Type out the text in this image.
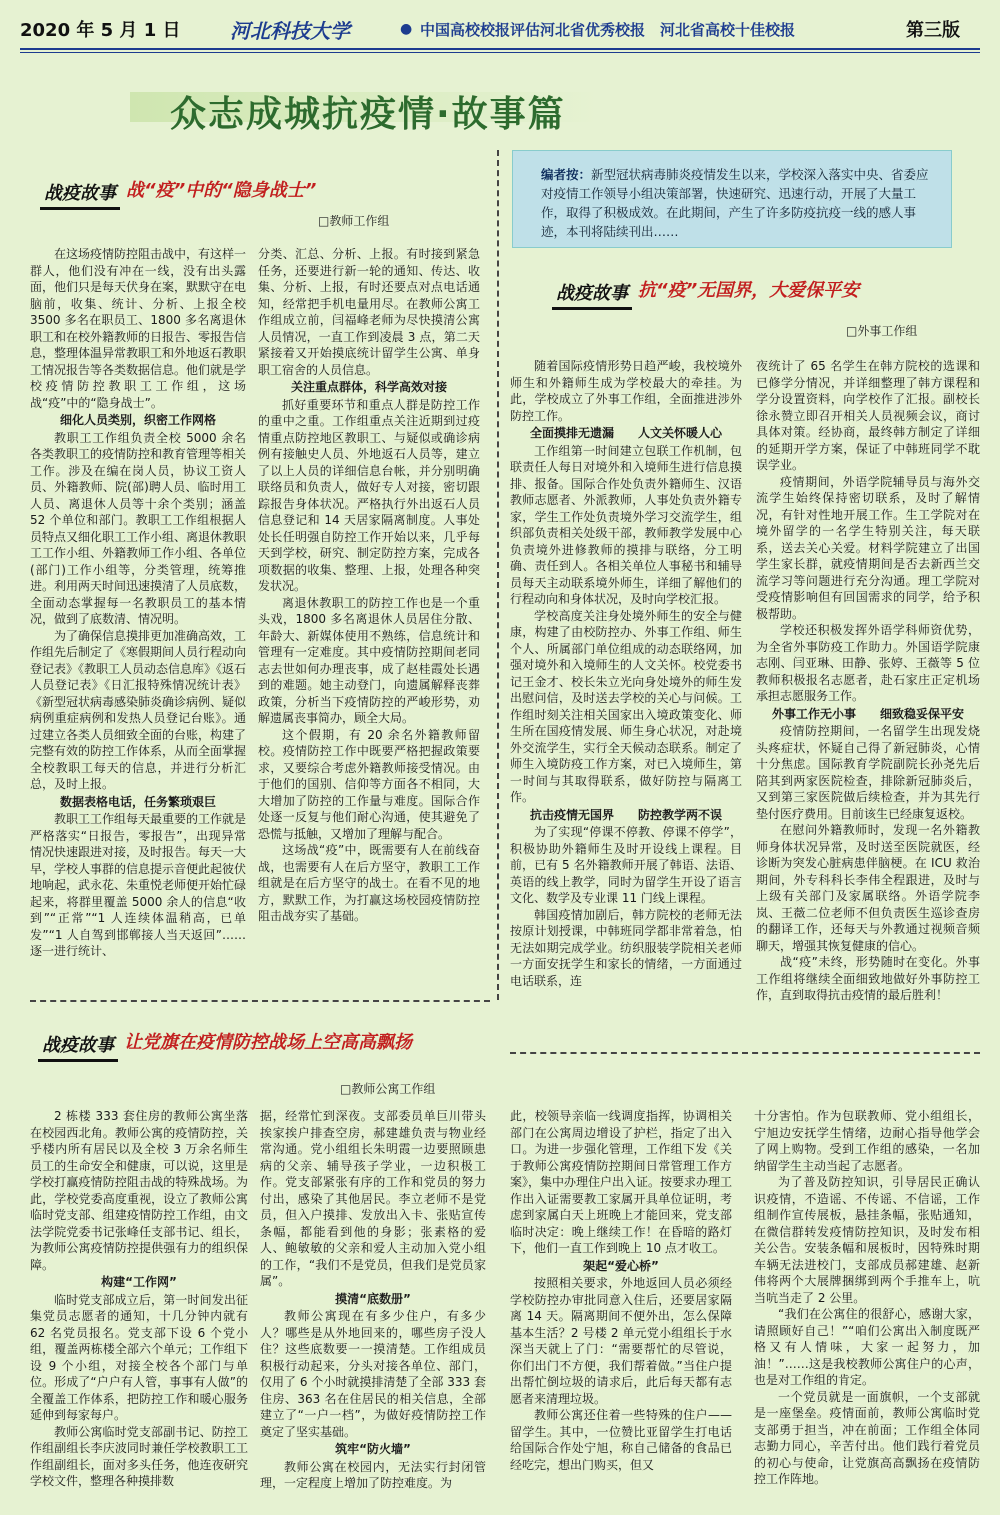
2020 年 5 月 1 日	河北科技大学	● 中国高校校报评估河北省优秀校报　河北省高校十佳校报	第三版
众志成城抗疫情·故事篇
战疫故事 战“疫”中的“隐身战士”
□ 教师工作组

在这场疫情防控阻击战中，有这样一群人，他们没有冲在一线，没有出头露面，他们只是每天伏身在案，默默守在电脑前，收集、统计、分析、上报全校 3500 多名在职员工、1800 多名离退休职工和在校外籍教师的日报告、零报告信息，整理体温异常教职工和外地返石教职工情况报告等各类数据信息。他们就是学校疫情防控教职工工作组，这场战“疫”中的“隐身战士”。

细化人员类别，织密工作网格

教职工工作组负责全校 5000 余名各类教职工的疫情防控和教育管理等相关工作。涉及在编在岗人员，协议工资人员、外籍教师、院(部)聘人员、临时用工人员、离退休人员等十余个类别；涵盖 52 个单位和部门。教职工工作组根据人员特点又细化职工工作小组、离退休教职工工作小组、外籍教师工作小组、各单位(部门)工作小组等，分类管理，统筹推进。利用两天时间迅速摸清了人员底数，全面动态掌握每一名教职员工的基本情况，做到了底数清、情况明。

为了确保信息摸排更加准确高效，工作组先后制定了《寒假期间人员行程动向登记表》《教职工人员动态信息库》《返石人员登记表》《日汇报特殊情况统计表》《新型冠状病毒感染肺炎确诊病例、疑似病例重症病例和发热人员登记台账》。通过建立各类人员细致全面的台账，构建了完整有效的防控工作体系，从而全面掌握全校教职工每天的信息，并进行分析汇总，及时上报。

数据表格电话，任务繁琐艰巨

教职工工作组每天最重要的工作就是严格落实“日报告，零报告”，出现异常情况快速跟进对接，及时报告。每天一大早，学校人事群的信息提示音便此起彼伏地响起，武永花、朱重悦老师便开始忙碌起来，将群里覆盖 5000 余人的信息“收到”“正常”“1 人连续体温稍高，已单发”“1 人自驾到邯郸接人当天返回”……逐一进行统计、

分类、汇总、分析、上报。有时接到紧急任务，还要进行新一轮的通知、传达、收集、分析、上报，有时还要点对点电话通知，经常把手机电量用尽。在教师公寓工作组成立前，闫福峰老师为尽快摸清公寓人员情况，一直工作到凌晨 3 点，第二天紧接着又开始摸底统计留学生公寓、单身职工宿舍的人员信息。

关注重点群体，科学高效对接

抓好重要环节和重点人群是防控工作的重中之重。工作组重点关注近期到过疫情重点防控地区教职工、与疑似或确诊病例有接触史人员、外地返石人员等，建立了以上人员的详细信息台帐，并分别明确联络员和负责人，做好专人对接，密切跟踪报告身体状况。严格执行外出返石人员信息登记和 14 天居家隔离制度。人事处处长任明强自防控工作开始以来，几乎每天到学校，研究、制定防控方案，完成各项数据的收集、整理、上报，处理各种突发状况。

离退休教职工的防控工作也是一个重头戏，1800 多名离退休人员居住分散、年龄大、新媒体使用不熟练，信息统计和管理有一定难度。其中疫情防控期间老同志去世如何办理丧事，成了赵桂霞处长遇到的难题。她主动登门，向遗属解释丧葬政策，分析当下疫情防控的严峻形势，劝解遗属丧事简办，顾全大局。

这个假期，有 20 余名外籍教师留校。疫情防控工作中既要严格把握政策要求，又要综合考虑外籍教师接受情况。由于他们的国别、信仰等方面各不相同，大大增加了防控的工作量与难度。国际合作处逐一反复与他们耐心沟通，使其避免了恐慌与抵触，又增加了理解与配合。

这场战“疫”中，既需要有人在前线奋战，也需要有人在后方坚守，教职工工作组就是在后方坚守的战士。在看不见的地方，默默工作，为打赢这场校园疫情防控阻击战夯实了基础。

编者按：新型冠状病毒肺炎疫情发生以来，学校深入落实中央、省委应对疫情工作领导小组决策部署，快速研究、迅速行动，开展了大量工作，取得了积极成效。在此期间，产生了许多防疫抗疫一线的感人事迹，本刊将陆续刊出……
战疫故事 抗“疫”无国界，大爱保平安
□ 外事工作组

随着国际疫情形势日趋严峻，我校境外师生和外籍师生成为学校最大的牵挂。为此，学校成立了外事工作组，全面推进涉外防控工作。

全面摸排无遗漏　　人文关怀暖人心

工作组第一时间建立包联工作机制，包联责任人每日对境外和入境师生进行信息摸排、报备。国际合作处负责外籍师生、汉语教师志愿者、外派教师，人事处负责外籍专家，学生工作处负责境外学习交流学生，组织部负责相关处级干部，教师教学发展中心负责境外进修教师的摸排与联络，分工明确、责任到人。各相关单位人事秘书和辅导员每天主动联系境外师生，详细了解他们的行程动向和身体状况，及时向学校汇报。

学校高度关注身处境外师生的安全与健康，构建了由校防控办、外事工作组、师生个人、所属部门单位组成的动态联络网，加强对境外和入境师生的人文关怀。校党委书记王金才、校长朱立光向身处境外的师生发出慰问信，及时送去学校的关心与问候。工作组时刻关注相关国家出入境政策变化、师生所在国疫情发展、师生身心状况，对赴境外交流学生，实行全天候动态联系。制定了师生入境防疫工作方案，对已入境师生，第一时间与其取得联系，做好防控与隔离工作。

抗击疫情无国界　　防控教学两不误

为了实现“停课不停教、停课不停学”，积极协助外籍师生及时开设线上课程。目前，已有 5 名外籍教师开展了韩语、法语、英语的线上教学，同时为留学生开设了语言文化、数学及专业课 11 门线上课程。

韩国疫情加剧后，韩方院校的老师无法按原计划授课，中韩班同学都非常着急，怕无法如期完成学业。纺织服装学院相关老师一方面安抚学生和家长的情绪，一方面通过电话联系，连

夜统计了 65 名学生在韩方院校的选课和已修学分情况，并详细整理了韩方课程和学分设置资料，向学校作了汇报。副校长徐永赞立即召开相关人员视频会议，商讨具体对策。经协商，最终韩方制定了详细的延期开学方案，保证了中韩班同学不耽误学业。

疫情期间，外语学院辅导员与海外交流学生始终保持密切联系，及时了解情况，有针对性地开展工作。生工学院对在境外留学的一名学生特别关注，每天联系，送去关心关爱。材料学院建立了出国学生家长群，就疫情期间是否去新西兰交流学习等问题进行充分沟通。理工学院对受疫情影响但有回国需求的同学，给予积极帮助。

学校还积极发挥外语学科师资优势，为全省外事防疫工作助力。外国语学院康志刚、闫亚琳、田静、张婷、王薇等 5 位教师积极报名志愿者，赴石家庄正定机场承担志愿服务工作。

外事工作无小事　　细致稳妥保平安

疫情防控期间，一名留学生出现发烧头疼症状，怀疑自己得了新冠肺炎，心情十分焦虑。国际教育学院副院长孙尧先后陪其到两家医院检查，排除新冠肺炎后，又到第三家医院做后续检查，并为其先行垫付医疗费用。目前该生已经康复返校。

在慰问外籍教师时，发现一名外籍教师身体状况异常，及时送至医院就医，经诊断为突发心脏病患伴脑梗。在 ICU 救治期间，外专科科长李伟全程跟进，及时与上级有关部门及家属联络。外语学院李岚、王薇二位老师不但负责医生巡诊查房的翻译工作，还每天与外教通过视频音频聊天，增强其恢复健康的信心。

战“疫”未终，形势随时在变化。外事工作组将继续全面细致地做好外事防控工作，直到取得抗击疫情的最后胜利！

战疫故事 让党旗在疫情防控战场上空高高飘扬
□ 教师公寓工作组

2 栋楼 333 套住房的教师公寓坐落在校园西北角。教师公寓的疫情防控，关乎楼内所有居民以及全校 3 万余名师生员工的生命安全和健康，可以说，这里是学校打赢疫情防控阻击战的特殊战场。为此，学校党委高度重视，设立了教师公寓临时党支部、组建疫情防控工作组，由文法学院党委书记张峰任支部书记、组长，为教师公寓疫情防控提供强有力的组织保障。

构建“工作网”

临时党支部成立后，第一时间发出征集党员志愿者的通知，十几分钟内就有 62 名党员报名。党支部下设 6 个党小组，覆盖两栋楼全部六个单元；工作组下设 9 个小组，对接全校各个部门与单位。形成了“户户有人管，事事有人做”的全覆盖工作体系，把防控工作和暖心服务延伸到每家每户。

教师公寓临时党支部副书记、防控工作组副组长李庆波同时兼任学校教职工工作组副组长，面对多头任务，他连夜研究学校文件，整理各种摸排数

据，经常忙到深夜。支部委员单巨川带头挨家挨户排查空房，郝建雄负责与物业经常沟通。党小组组长朱明霞一边要照顾患病的父亲、辅导孩子学业，一边积极工作。党支部紧张有序的工作和党员的努力付出，感染了其他居民。李立老师不是党员，但入户摸排、发放出入卡、张贴宣传条幅，都能看到他的身影；张素格的爱人、鲍敏敏的父亲和爱人主动加入党小组的工作，“我们不是党员，但我们是党员家属”。

摸清“底数册”

教师公寓现在有多少住户，有多少人？哪些是从外地回来的，哪些房子没人住？这些底数要一一摸清楚。工作组成员积极行动起来，分头对接各单位、部门，仅用了 6 个小时就摸排清楚了全部 333 套住房、363 名在住居民的相关信息，全部建立了“一户一档”，为做好疫情防控工作奠定了坚实基础。

筑牢“防火墙”

教师公寓在校园内，无法实行封闭管理，一定程度上增加了防控难度。为

此，校领导亲临一线调度指挥，协调相关部门在公寓周边增设了护栏，指定了出入口。为进一步强化管理，工作组下发《关于教师公寓疫情防控期间日常管理工作方案》，集中办理住户出入证。按要求办理工作出入证需要教工家属开具单位证明，考虑到家属白天上班晚上才能回来，党支部临时决定：晚上继续工作！在昏暗的路灯下，他们一直工作到晚上 10 点才收工。

架起“爱心桥”

按照相关要求，外地返回人员必须经学校防控办审批同意入住后，还要居家隔离 14 天。隔离期间不便外出，怎么保障基本生活？2 号楼 2 单元党小组组长于水深当天就上了门：“需要帮忙的尽管说，你们出门不方便，我们帮着做。”当住户提出帮忙倒垃圾的请求后，此后每天都有志愿者来清理垃圾。

教师公寓还住着一些特殊的住户——留学生。其中，一位赞比亚留学生打电话给国际合作处宁旭，称自己储备的食品已经吃完，想出门购买，但又

十分害怕。作为包联教师、党小组组长，宁旭边安抚学生情绪，边耐心指导他学会了网上购物。受到工作组的感染，一名加纳留学生主动当起了志愿者。

为了普及防控知识，引导居民正确认识疫情，不造谣、不传谣、不信谣，工作组制作宣传展板，悬挂条幅，张贴通知，在微信群转发疫情防控知识，及时发布相关公告。安装条幅和展板时，因特殊时期车辆无法进校门，支部成员郝建雄、赵新伟将两个大展牌捆绑到两个手推车上，吭当吭当走了 2 公里。

“我们在公寓住的很舒心，感谢大家，请照顾好自己！”“咱们公寓出入制度既严格又有人情味，大家一起努力，加油！”……这是我校教师公寓住户的心声，也是对工作组的肯定。

一个党员就是一面旗帜，一个支部就是一座堡垒。疫情面前，教师公寓临时党支部勇于担当，冲在前面；工作组全体同志勤力同心，辛苦付出。他们践行着党员的初心与使命，让党旗高高飘扬在疫情防控工作阵地。
